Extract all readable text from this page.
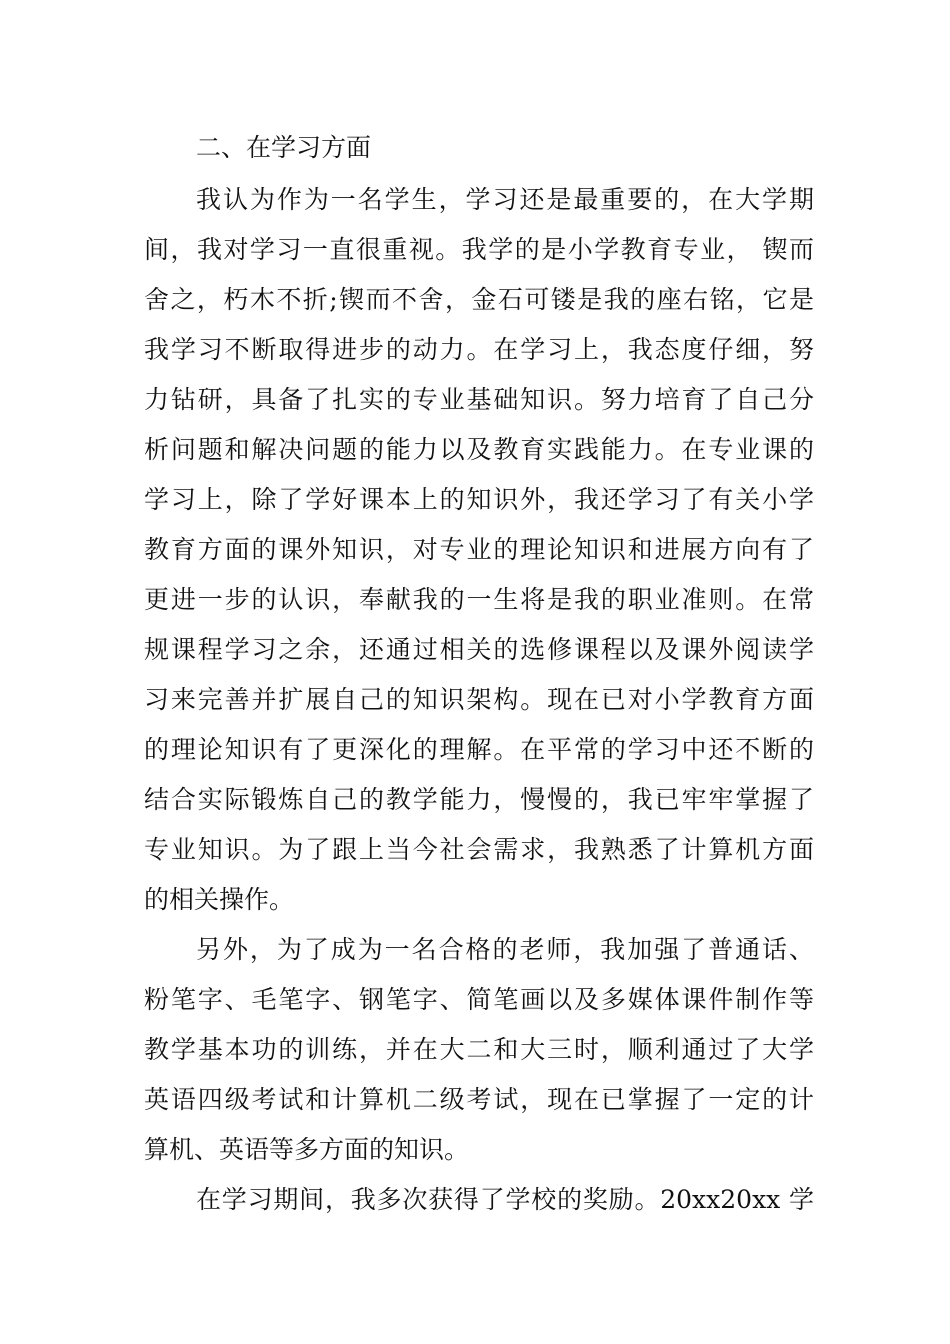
二、在学习方面
我认为作为一名学生，学习还是最重要的，在大学期
间，我对学习一直很重视。我学的是小学教育专业， 锲而
舍之，朽木不折;锲而不舍，金石可镂是我的座右铭，它是
我学习不断取得进步的动力。在学习上，我态度仔细，努
力钻研，具备了扎实的专业基础知识。努力培育了自己分
析问题和解决问题的能力以及教育实践能力。在专业课的
学习上，除了学好课本上的知识外，我还学习了有关小学
教育方面的课外知识，对专业的理论知识和进展方向有了
更进一步的认识，奉献我的一生将是我的职业准则。在常
规课程学习之余，还通过相关的选修课程以及课外阅读学
习来完善并扩展自己的知识架构。现在已对小学教育方面
的理论知识有了更深化的理解。在平常的学习中还不断的
结合实际锻炼自己的教学能力，慢慢的，我已牢牢掌握了
专业知识。为了跟上当今社会需求，我熟悉了计算机方面
的相关操作。
另外，为了成为一名合格的老师，我加强了普通话、
粉笔字、毛笔字、钢笔字、简笔画以及多媒体课件制作等
教学基本功的训练，并在大二和大三时，顺利通过了大学
英语四级考试和计算机二级考试，现在已掌握了一定的计
算机、英语等多方面的知识。
在学习期间，我多次获得了学校的奖励。20xx20xx 学
